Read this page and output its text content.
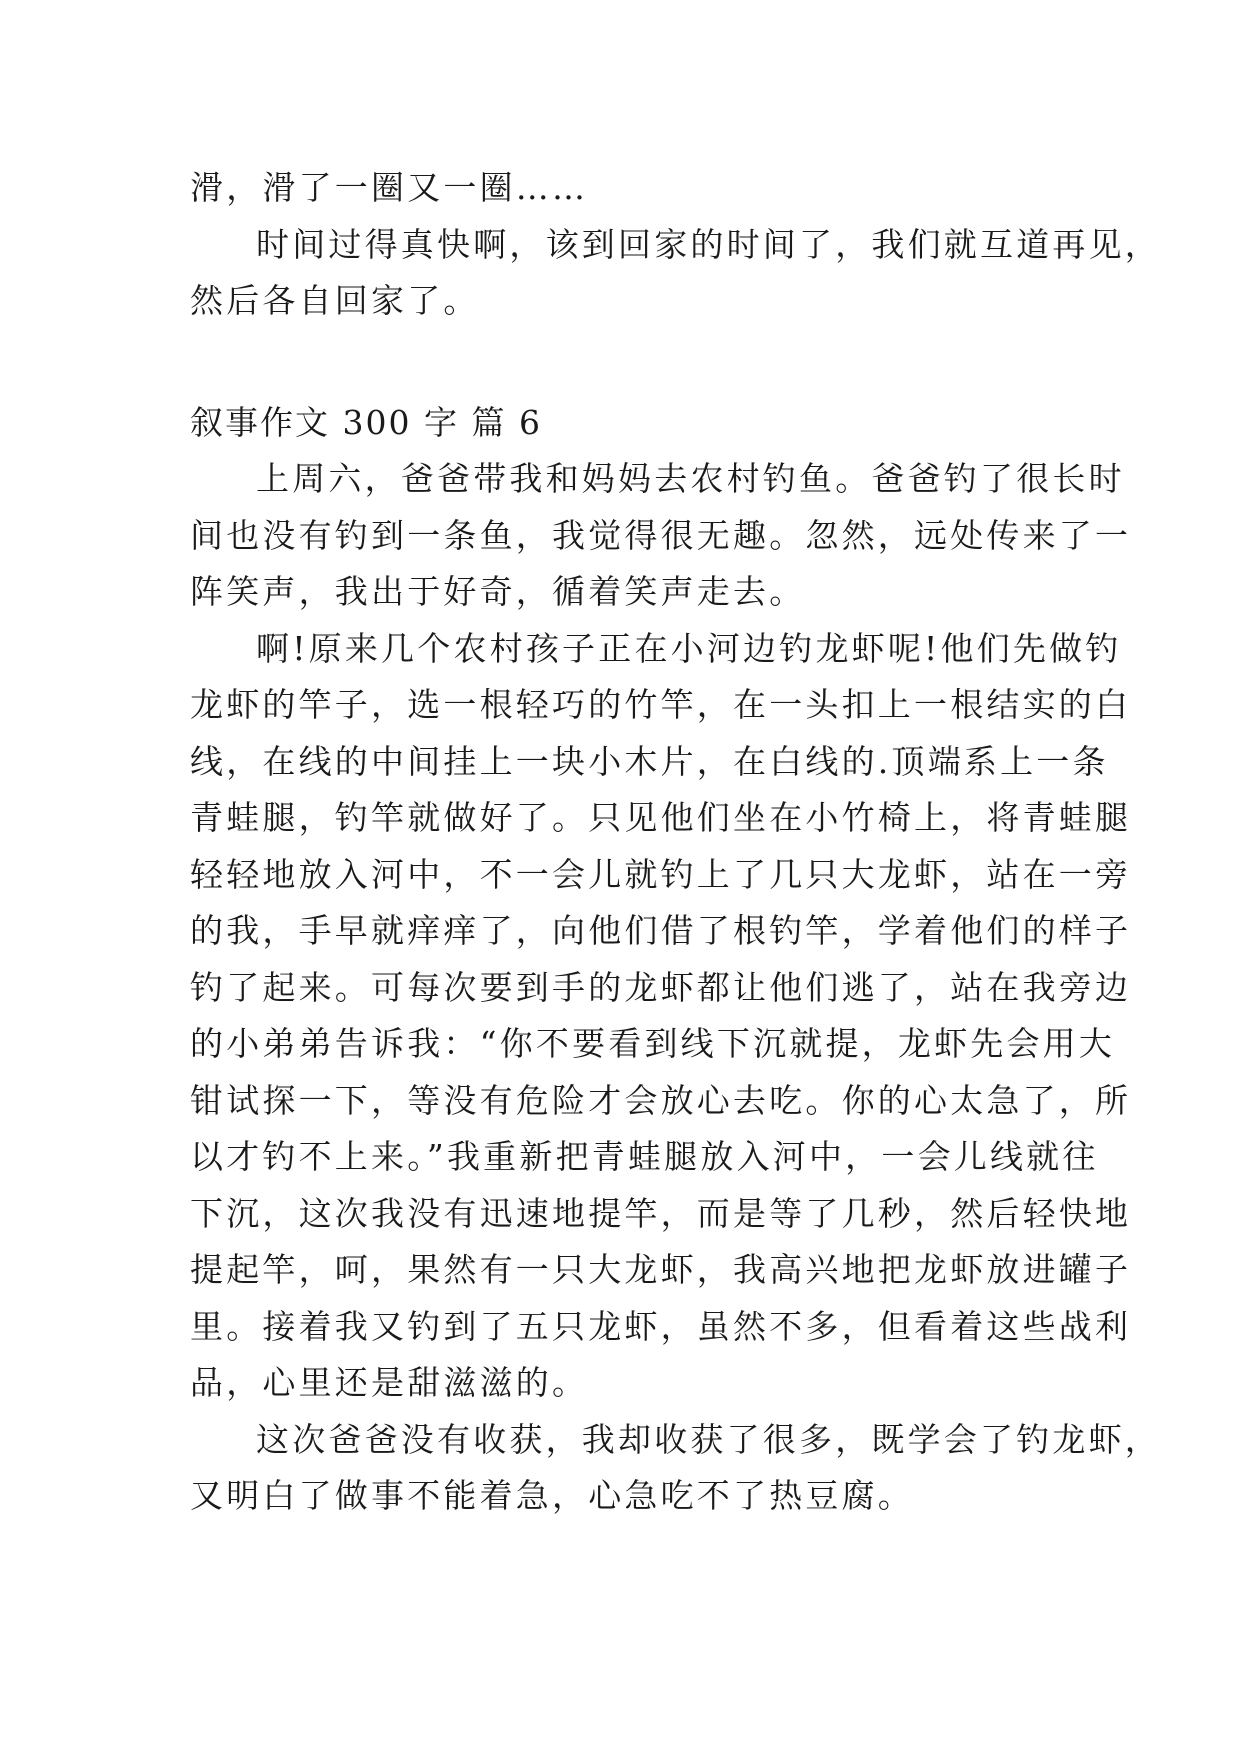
滑，滑了一圈又一圈……
时间过得真快啊，该到回家的时间了，我们就互道再见，
然后各自回家了。
叙事作文 300 字 篇 6
上周六，爸爸带我和妈妈去农村钓鱼。爸爸钓了很长时
间也没有钓到一条鱼，我觉得很无趣。忽然，远处传来了一
阵笑声，我出于好奇，循着笑声走去。
啊!原来几个农村孩子正在小河边钓龙虾呢!他们先做钓
龙虾的竿子，选一根轻巧的竹竿，在一头扣上一根结实的白
线，在线的中间挂上一块小木片，在白线的.顶端系上一条
青蛙腿，钓竿就做好了。只见他们坐在小竹椅上，将青蛙腿
轻轻地放入河中，不一会儿就钓上了几只大龙虾，站在一旁
的我，手早就痒痒了，向他们借了根钓竿，学着他们的样子
钓了起来。可每次要到手的龙虾都让他们逃了，站在我旁边
的小弟弟告诉我：“你不要看到线下沉就提，龙虾先会用大
钳试探一下，等没有危险才会放心去吃。你的心太急了，所
以才钓不上来。”我重新把青蛙腿放入河中，一会儿线就往
下沉，这次我没有迅速地提竿，而是等了几秒，然后轻快地
提起竿，呵，果然有一只大龙虾，我高兴地把龙虾放进罐子
里。接着我又钓到了五只龙虾，虽然不多，但看着这些战利
品，心里还是甜滋滋的。
这次爸爸没有收获，我却收获了很多，既学会了钓龙虾，
又明白了做事不能着急，心急吃不了热豆腐。
